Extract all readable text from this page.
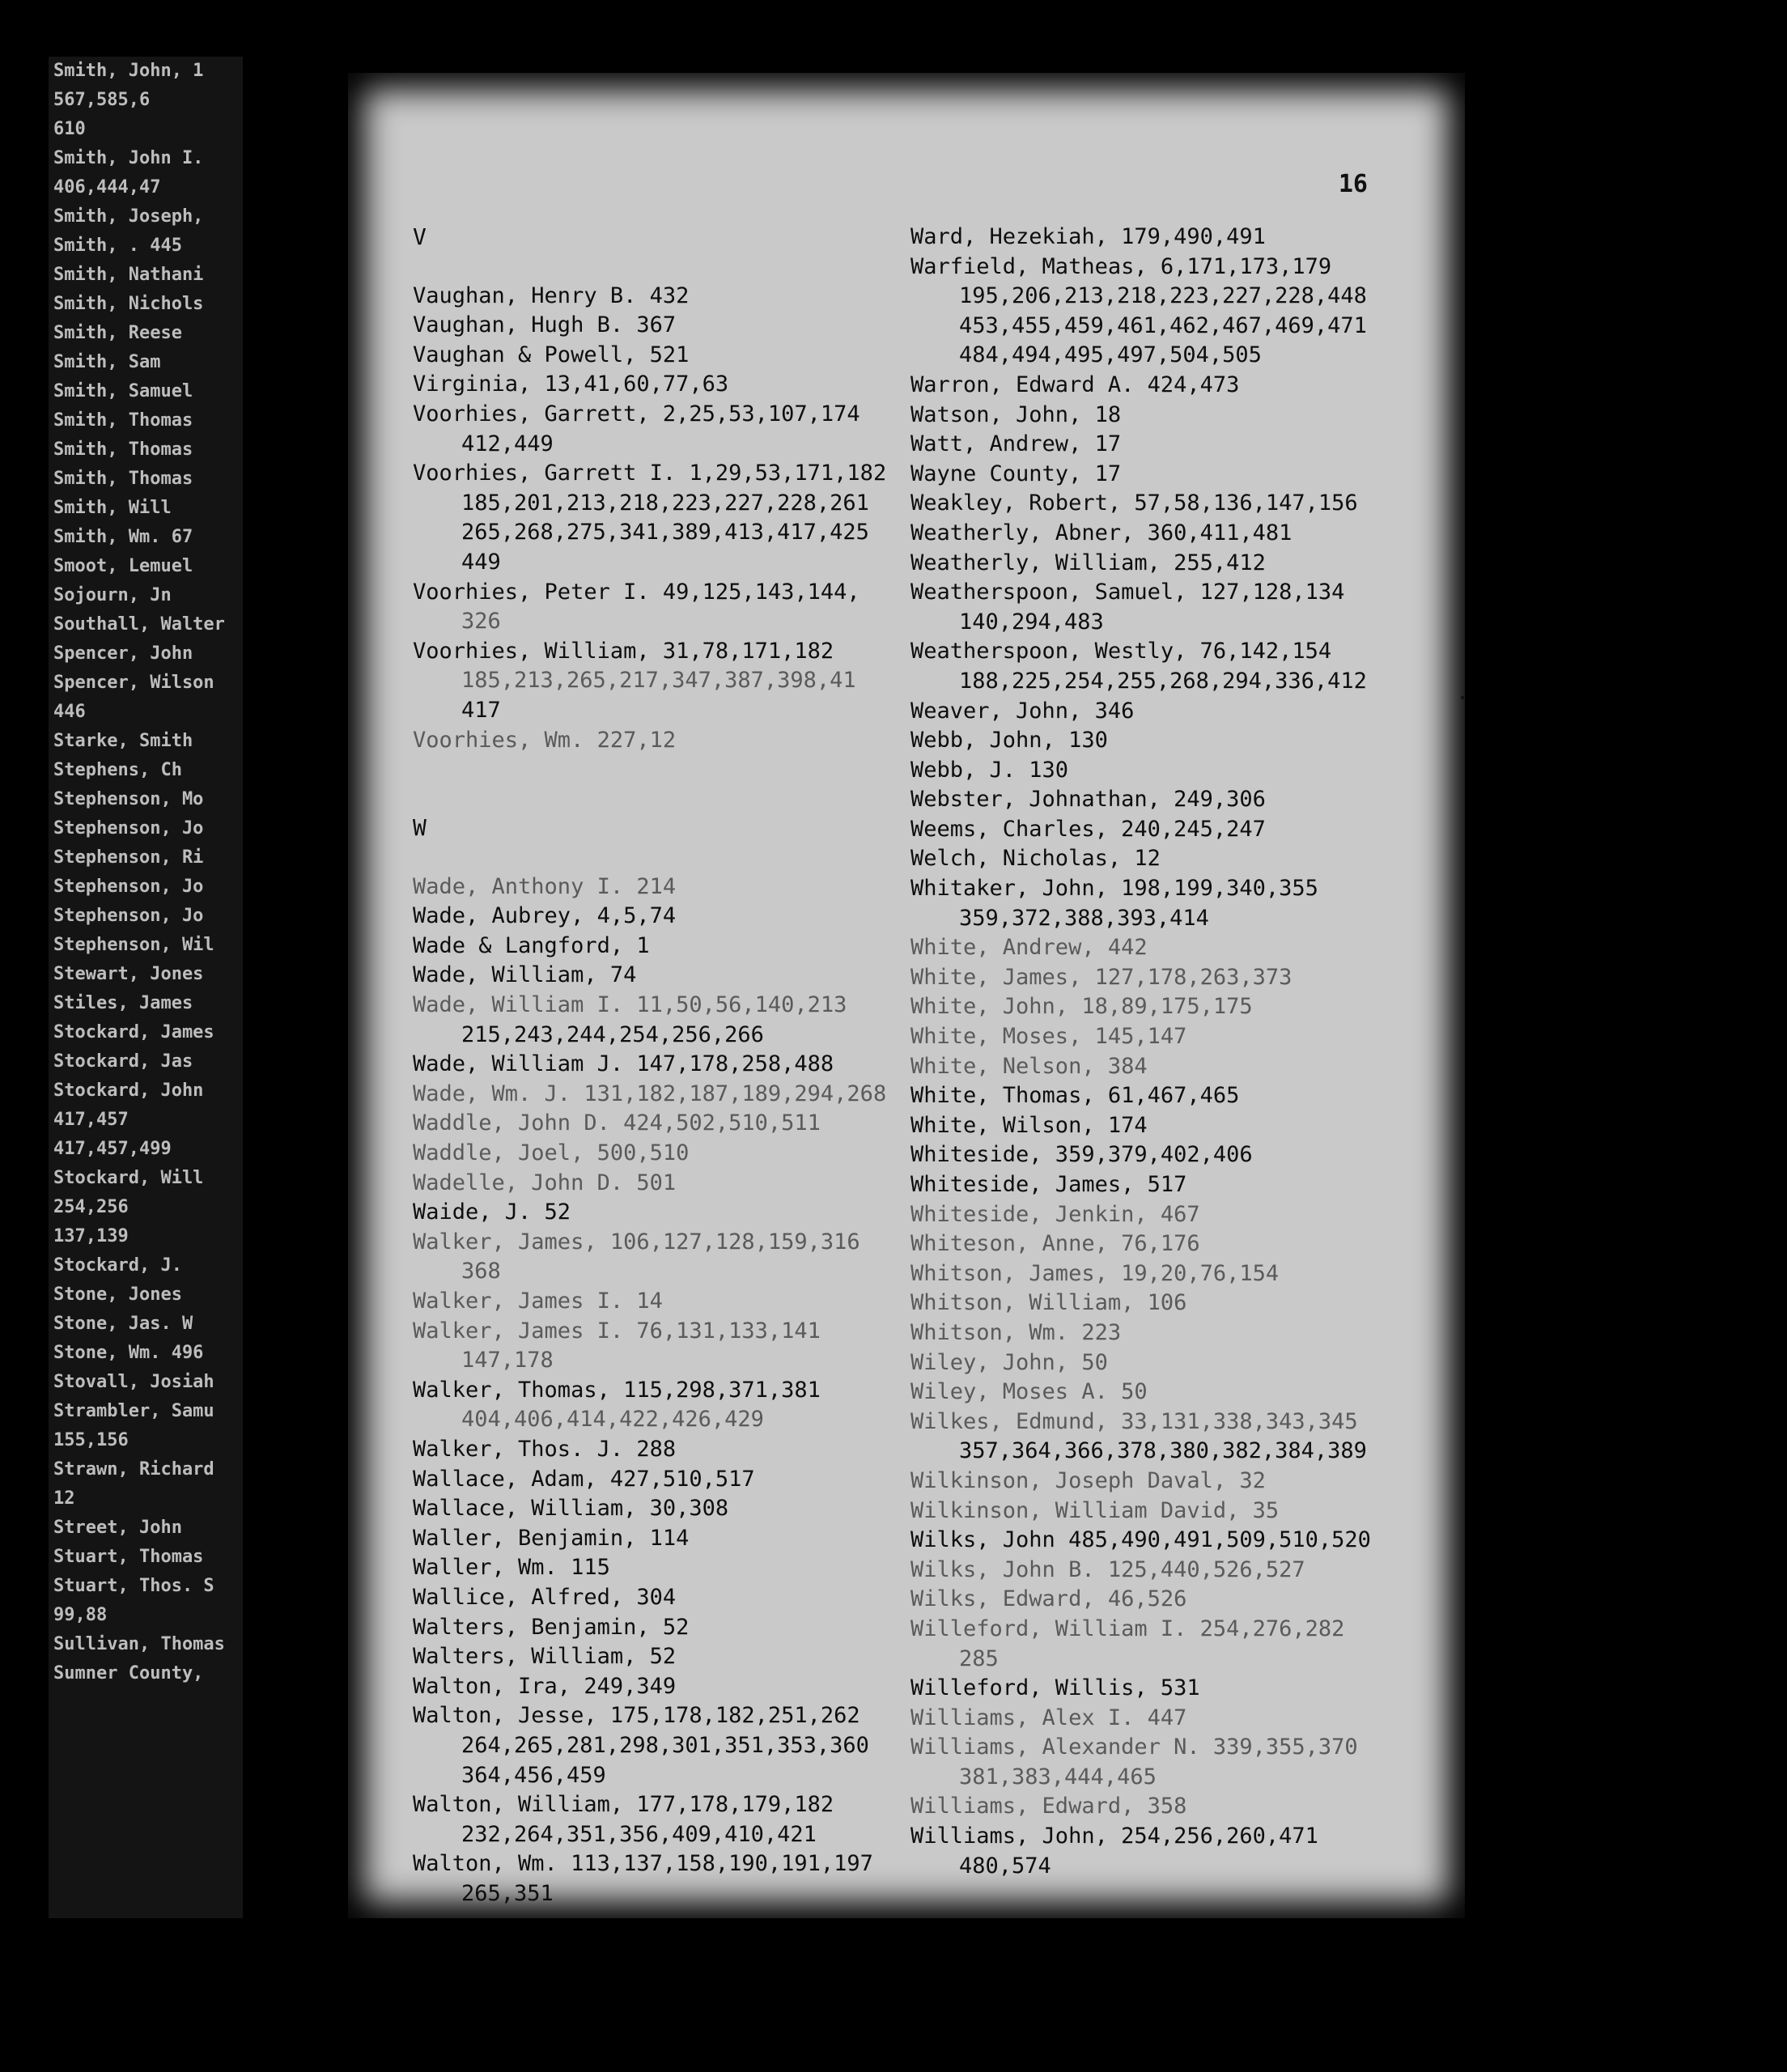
Smith, John, 1
567,585,6
610
Smith, John I.
406,444,47
Smith, Joseph,
Smith, . 445
Smith, Nathani
Smith, Nichols
Smith, Reese
Smith, Sam
Smith, Samuel
Smith, Thomas
Smith, Thomas
Smith, Thomas
Smith, Will
Smith, Wm. 67
Smoot, Lemuel
Sojourn, Jn
Southall, Walter
Spencer, John
Spencer, Wilson
446
Starke, Smith
Stephens, Ch
Stephenson, Mo
Stephenson, Jo
Stephenson, Ri
Stephenson, Jo
Stephenson, Jo
Stephenson, Wil
Stewart, Jones
Stiles, James
Stockard, James
Stockard, Jas
Stockard, John
417,457
417,457,499
Stockard, Will
254,256
137,139
Stockard, J.
Stone, Jones
Stone, Jas. W
Stone, Wm. 496
Stovall, Josiah
Strambler, Samu
155,156
Strawn, Richard
12
Street, John
Stuart, Thomas
Stuart, Thos. S
99,88
Sullivan, Thomas
Sumner County,
16
V
Vaughan, Henry B. 432
Vaughan, Hugh B. 367
Vaughan & Powell, 521
Virginia, 13,41,60,77,63
Voorhies, Garrett, 2,25,53,107,174
412,449
Voorhies, Garrett I. 1,29,53,171,182
185,201,213,218,223,227,228,261
265,268,275,341,389,413,417,425
449
Voorhies, Peter I. 49,125,143,144,
326
Voorhies, William, 31,78,171,182
185,213,265,217,347,387,398,41
417
Voorhies, Wm. 227,12
W
Wade, Anthony I. 214
Wade, Aubrey, 4,5,74
Wade & Langford, 1
Wade, William, 74
Wade, William I. 11,50,56,140,213
215,243,244,254,256,266
Wade, William J. 147,178,258,488
Wade, Wm. J. 131,182,187,189,294,268
Waddle, John D. 424,502,510,511
Waddle, Joel, 500,510
Wadelle, John D. 501
Waide, J. 52
Walker, James, 106,127,128,159,316
368
Walker, James I. 14
Walker, James I. 76,131,133,141
147,178
Walker, Thomas, 115,298,371,381
404,406,414,422,426,429
Walker, Thos. J. 288
Wallace, Adam, 427,510,517
Wallace, William, 30,308
Waller, Benjamin, 114
Waller, Wm. 115
Wallice, Alfred, 304
Walters, Benjamin, 52
Walters, William, 52
Walton, Ira, 249,349
Walton, Jesse, 175,178,182,251,262
264,265,281,298,301,351,353,360
364,456,459
Walton, William, 177,178,179,182
232,264,351,356,409,410,421
Walton, Wm. 113,137,158,190,191,197
265,351
Ward, Hezekiah, 179,490,491
Warfield, Matheas, 6,171,173,179
195,206,213,218,223,227,228,448
453,455,459,461,462,467,469,471
484,494,495,497,504,505
Warron, Edward A. 424,473
Watson, John, 18
Watt, Andrew, 17
Wayne County, 17
Weakley, Robert, 57,58,136,147,156
Weatherly, Abner, 360,411,481
Weatherly, William, 255,412
Weatherspoon, Samuel, 127,128,134
140,294,483
Weatherspoon, Westly, 76,142,154
188,225,254,255,268,294,336,412
Weaver, John, 346
Webb, John, 130
Webb, J. 130
Webster, Johnathan, 249,306
Weems, Charles, 240,245,247
Welch, Nicholas, 12
Whitaker, John, 198,199,340,355
359,372,388,393,414
White, Andrew, 442
White, James, 127,178,263,373
White, John, 18,89,175,175
White, Moses, 145,147
White, Nelson, 384
White, Thomas, 61,467,465
White, Wilson, 174
Whiteside, 359,379,402,406
Whiteside, James, 517
Whiteside, Jenkin, 467
Whiteson, Anne, 76,176
Whitson, James, 19,20,76,154
Whitson, William, 106
Whitson, Wm. 223
Wiley, John, 50
Wiley, Moses A. 50
Wilkes, Edmund, 33,131,338,343,345
357,364,366,378,380,382,384,389
Wilkinson, Joseph Daval, 32
Wilkinson, William David, 35
Wilks, John 485,490,491,509,510,520
Wilks, John B. 125,440,526,527
Wilks, Edward, 46,526
Willeford, William I. 254,276,282
285
Willeford, Willis, 531
Williams, Alex I. 447
Williams, Alexander N. 339,355,370
381,383,444,465
Williams, Edward, 358
Williams, John, 254,256,260,471
480,574
